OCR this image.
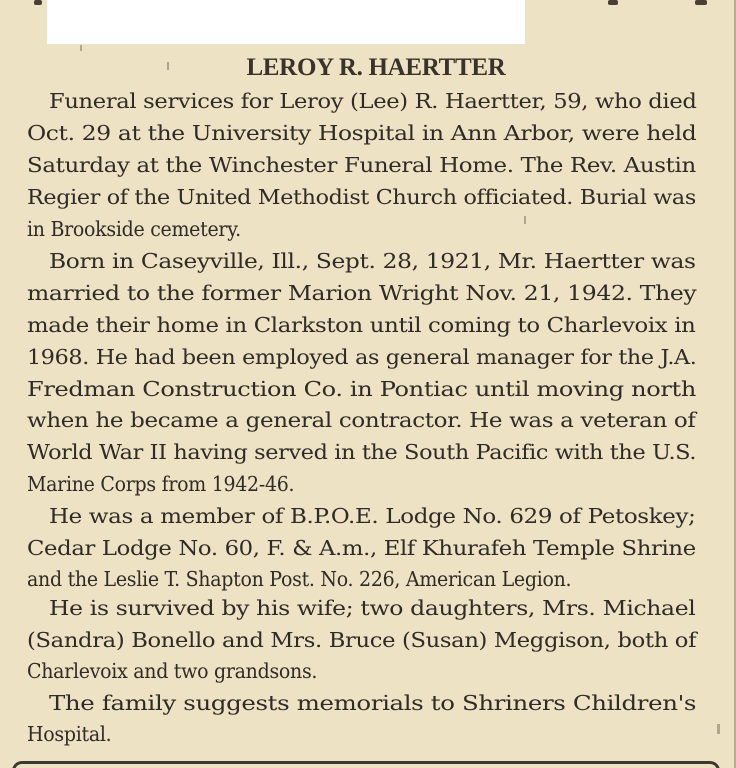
LEROY R. HAERTTER
Funeral services for Leroy (Lee) R. Haertter, 59, who died
Oct. 29 at the University Hospital in Ann Arbor, were held
Saturday at the Winchester Funeral Home. The Rev. Austin
Regier of the United Methodist Church officiated. Burial was
in Brookside cemetery.
Born in Caseyville, Ill., Sept. 28, 1921, Mr. Haertter was
married to the former Marion Wright Nov. 21, 1942. They
made their home in Clarkston until coming to Charlevoix in
1968. He had been employed as general manager for the J.A.
Fredman Construction Co. in Pontiac until moving north
when he became a general contractor. He was a veteran of
World War II having served in the South Pacific with the U.S.
Marine Corps from 1942-46.
He was a member of B.P.O.E. Lodge No. 629 of Petoskey;
Cedar Lodge No. 60, F. & A.m., Elf Khurafeh Temple Shrine
and the Leslie T. Shapton Post. No. 226, American Legion.
He is survived by his wife; two daughters, Mrs. Michael
(Sandra) Bonello and Mrs. Bruce (Susan) Meggison, both of
Charlevoix and two grandsons.
The family suggests memorials to Shriners Children's
Hospital.
